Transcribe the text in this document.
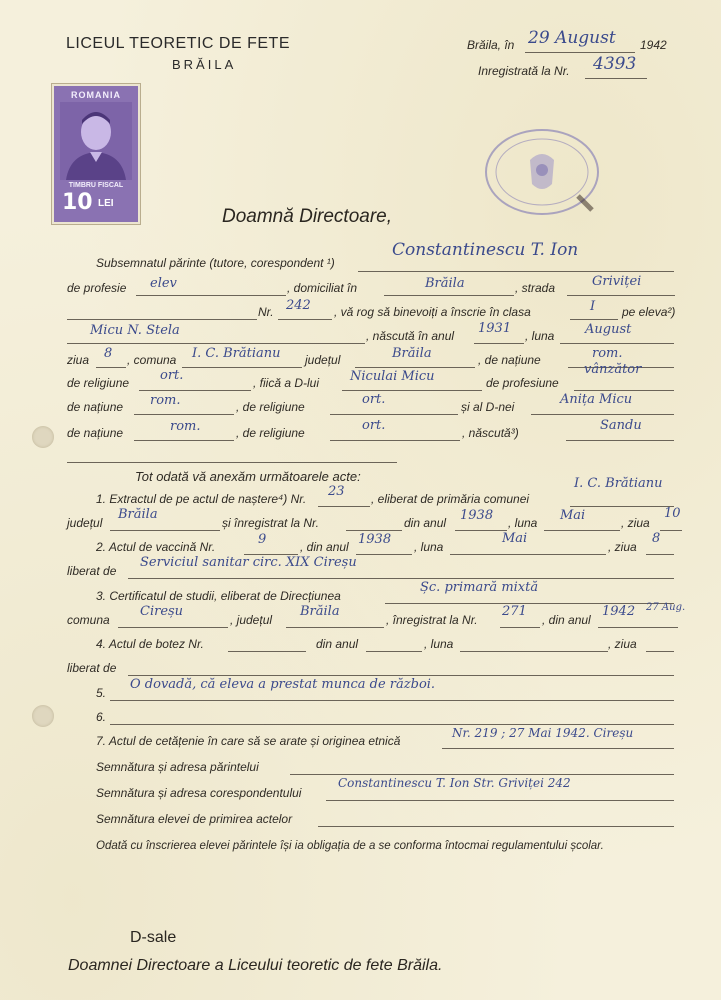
LICEUL TEORETIC DE FETE
BRĂILA
Brăila, în 29 August 1942
Inregistrată la Nr. 4393
ROMANIA
TIMBRU FISCAL
10 LEI
Doamnă Directoare,
Subsemnatul părinte (tutore, corespondent ¹)
Constantinescu T. Ion
de profesie elev	, domiciliat în	Brăila	, strada	Griviței
Nr. 242 , vă rog să binevoiți a înscrie în clasa	I pe eleva²)
Micu N. Stela	, născută în anul 1931 , luna August
ziua 8 , comuna I. C. Brătianu județul	Brăila	, de națiune	rom.
de religiune ort.	, fiică a D-lui Niculai Micu	de profesiune
vânzător
de națiune rom.	, de religiune	ort.	și al D-nei	Anița Micu
de națiune	rom.	, de religiune	ort.	, născută³)	Sandu
Tot odată vă anexăm următoarele acte:
1. Extractul de pe actul de naștere⁴) Nr. 23 , eliberat de primăria comunei
I. C. Brătianu
județul
Brăila
și înregistrat la Nr.	din anul 1938 , luna Mai	, ziua
10
2. Actul de vaccină Nr.	9	, din anul 1938 , luna
Mai
, ziua
8
liberat de
Serviciul sanitar circ. XIX Cireșu
3. Certificatul de studii, eliberat de Direcțiunea
Șc. primară mixtă
comuna
Cireșu
, județul
Brăila
, înregistrat la Nr.
271
, din anul
1942 27 Aug.
4. Actul de botez Nr.	din anul	, luna	, ziua
liberat de
5.
O dovadă, că eleva a prestat munca de război.
6.
7. Actul de cetățenie în care să se arate și originea etnică
Nr. 219 ; 27 Mai 1942. Cireșu
Semnătura și adresa părintelui
Semnătura și adresa corespondentului
Constantinescu T. Ion Str. Griviței 242
Semnătura elevei de primirea actelor
Odată cu înscrierea elevei părintele își ia obligația de a se conforma întocmai regulamentului școlar.
D-sale
Doamnei Directoare a Liceului teoretic de fete Brăila.
